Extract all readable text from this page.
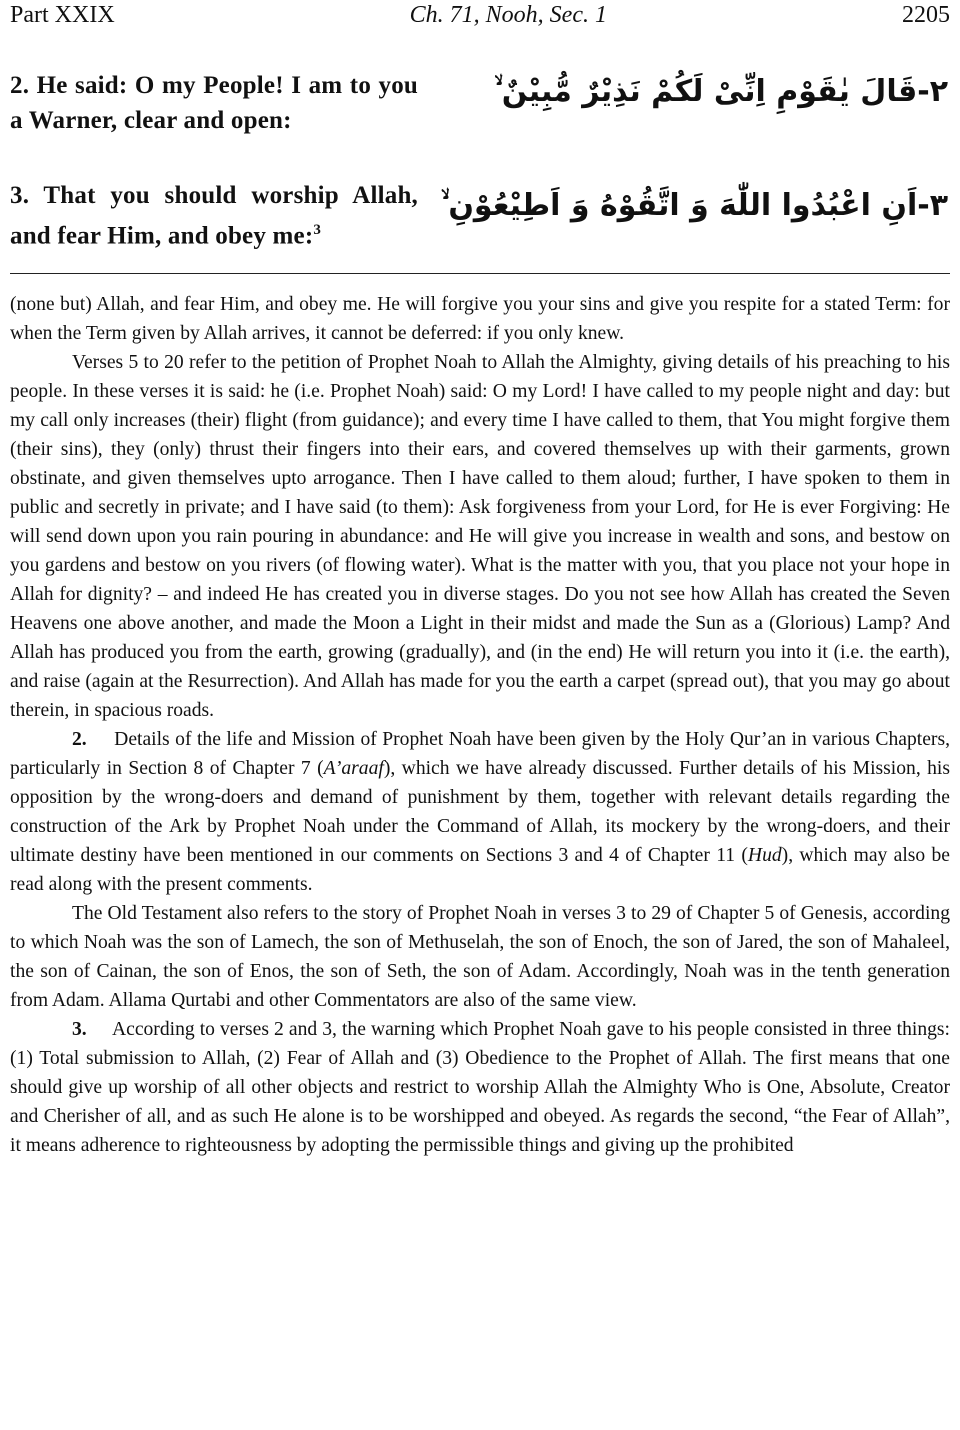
Part XXIX	Ch. 71, Nooh, Sec. 1	2205
2. He said: O my People! I am to you a Warner, clear and open:
٢-قَالَ يٰقَوْمِ اِنِّیْ لَكُمْ نَذِیْرٌ مُّبِیْنٌ ۙ
3. That you should worship Allah, and fear Him, and obey me:$^3$
٣-اَنِ اعْبُدُوا اللّٰهَ وَ اتَّقُوْهُ وَ اَطِیْعُوْنِ ۙ

(none but) Allah, and fear Him, and obey me. He will forgive you your sins and give you respite for a stated Term: for when the Term given by Allah arrives, it cannot be deferred: if you only knew.

Verses 5 to 20 refer to the petition of Prophet Noah to Allah the Almighty, giving details of his preaching to his people. In these verses it is said: he (i.e. Prophet Noah) said: O my Lord! I have called to my people night and day: but my call only increases (their) flight (from guidance); and every time I have called to them, that You might forgive them (their sins), they (only) thrust their fingers into their ears, and covered themselves up with their garments, grown obstinate, and given themselves upto arrogance. Then I have called to them aloud; further, I have spoken to them in public and secretly in private; and I have said (to them): Ask forgiveness from your Lord, for He is ever Forgiving: He will send down upon you rain pouring in abundance: and He will give you increase in wealth and sons, and bestow on you gardens and bestow on you rivers (of flowing water). What is the matter with you, that you place not your hope in Allah for dignity? – and indeed He has created you in diverse stages. Do you not see how Allah has created the Seven Heavens one above another, and made the Moon a Light in their midst and made the Sun as a (Glorious) Lamp? And Allah has produced you from the earth, growing (gradually), and (in the end) He will return you into it (i.e. the earth), and raise (again at the Resurrection). And Allah has made for you the earth a carpet (spread out), that you may go about therein, in spacious roads.

2. Details of the life and Mission of Prophet Noah have been given by the Holy Qur’an in various Chapters, particularly in Section 8 of Chapter 7 (A’araaf), which we have already discussed. Further details of his Mission, his opposition by the wrong-doers and demand of punishment by them, together with relevant details regarding the construction of the Ark by Prophet Noah under the Command of Allah, its mockery by the wrong-doers, and their ultimate destiny have been mentioned in our comments on Sections 3 and 4 of Chapter 11 (Hud), which may also be read along with the present comments.

The Old Testament also refers to the story of Prophet Noah in verses 3 to 29 of Chapter 5 of Genesis, according to which Noah was the son of Lamech, the son of Methuselah, the son of Enoch, the son of Jared, the son of Mahaleel, the son of Cainan, the son of Enos, the son of Seth, the son of Adam. Accordingly, Noah was in the tenth generation from Adam. Allama Qurtabi and other Commentators are also of the same view.

3. According to verses 2 and 3, the warning which Prophet Noah gave to his people consisted in three things: (1) Total submission to Allah, (2) Fear of Allah and (3) Obedience to the Prophet of Allah. The first means that one should give up worship of all other objects and restrict to worship Allah the Almighty Who is One, Absolute, Creator and Cherisher of all, and as such He alone is to be worshipped and obeyed. As regards the second, “the Fear of Allah”, it means adherence to righteousness by adopting the permissible things and giving up the prohibited
